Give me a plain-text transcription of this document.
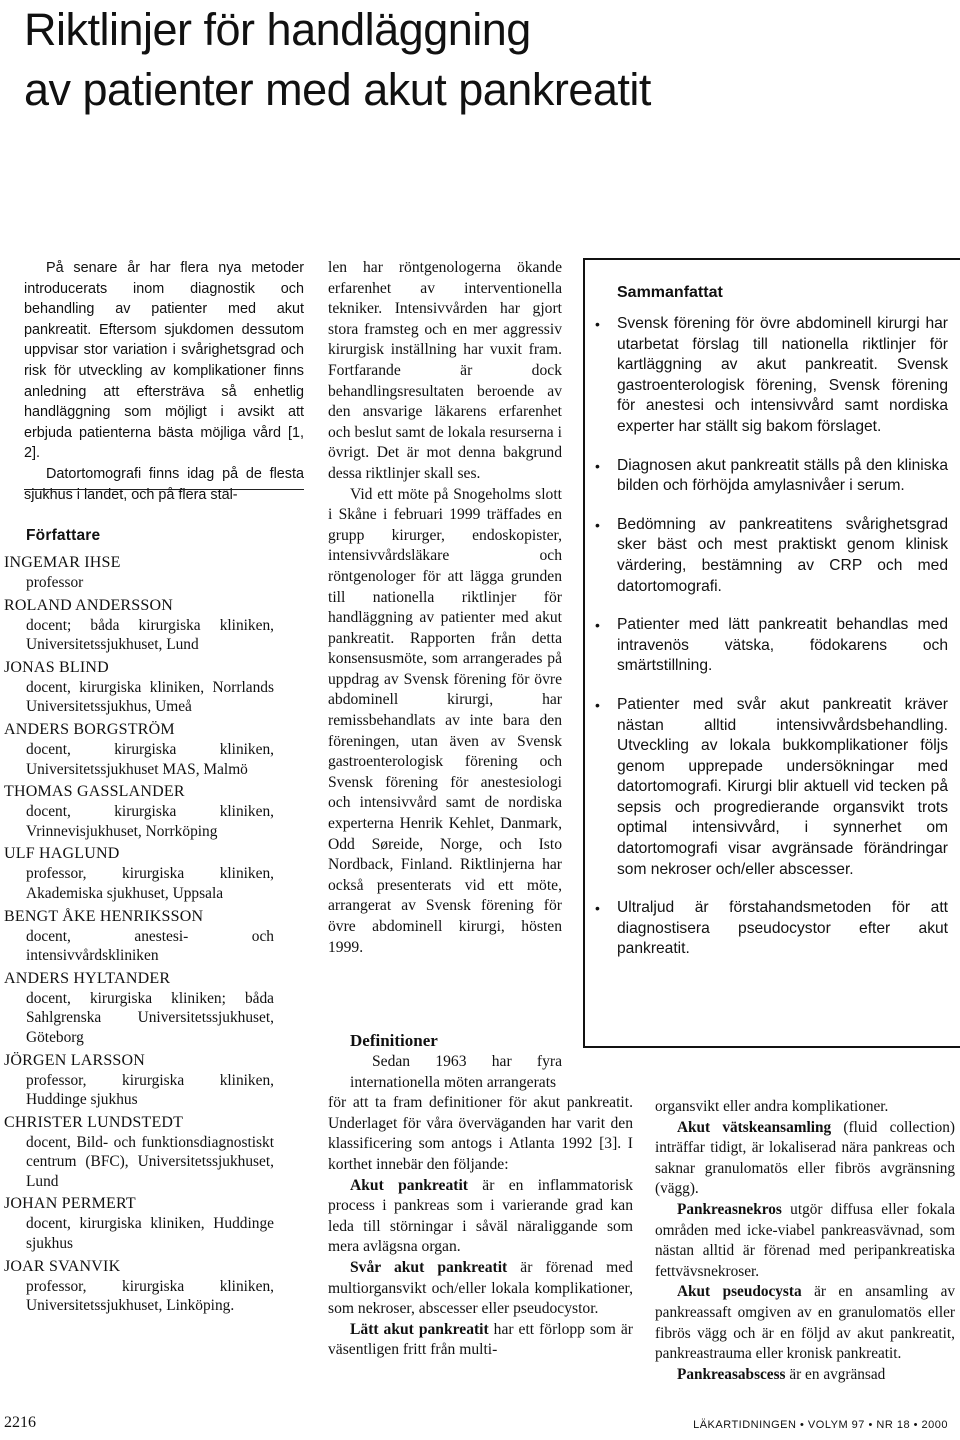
Riktlinjer för handläggning
av patienter med akut pankreatit

På senare år har flera nya metoder introducerats inom diagnostik och behandling av patienter med akut pankreatit. Eftersom sjukdomen dessutom uppvisar stor variation i svårighetsgrad och risk för utveckling av komplikationer finns anledning att eftersträva så enhetlig handläggning som möjligt i avsikt att erbjuda patienterna bästa möjliga vård [1, 2].

Datortomografi finns idag på de flesta sjukhus i landet, och på flera stäl-

Författare
INGEMAR IHSE
professor
ROLAND ANDERSSON
docent; båda kirurgiska kliniken, Universitetssjukhuset, Lund
JONAS BLIND
docent, kirurgiska kliniken, Norrlands Universitetssjukhus, Umeå
ANDERS BORGSTRÖM
docent, kirurgiska kliniken, Universitetssjukhuset MAS, Malmö
THOMAS GASSLANDER
docent, kirurgiska kliniken, Vrinnevisjukhuset, Norrköping
ULF HAGLUND
professor, kirurgiska kliniken, Akademiska sjukhuset, Uppsala
BENGT ÅKE HENRIKSSON
docent, anestesi- och intensivvårdskliniken
ANDERS HYLTANDER
docent, kirurgiska kliniken; båda Sahlgrenska Universitetssjukhuset, Göteborg
JÖRGEN LARSSON
professor, kirurgiska kliniken, Huddinge sjukhus
CHRISTER LUNDSTEDT
docent, Bild- och funktionsdiagnostiskt centrum (BFC), Universitetssjukhuset, Lund
JOHAN PERMERT
docent, kirurgiska kliniken, Huddinge sjukhus
JOAR SVANVIK
professor, kirurgiska kliniken, Universitetssjukhuset, Linköping.

len har röntgenologerna ökande erfarenhet av interventionella tekniker. Intensivvården har gjort stora framsteg och en mer aggressiv kirurgisk inställning har vuxit fram. Fortfarande är dock behandlingsresultaten beroende av den ansvarige läkarens erfarenhet och beslut samt de lokala resurserna i övrigt. Det är mot denna bakgrund dessa riktlinjer skall ses.

Vid ett möte på Snogeholms slott i Skåne i februari 1999 träffades en grupp kirurger, endoskopister, intensivvårdsläkare och röntgenologer för att lägga grunden till nationella riktlinjer för handläggning av patienter med akut pankreatit. Rapporten från detta konsensusmöte, som arrangerades på uppdrag av Svensk förening för övre abdominell kirurgi, har remissbehandlats av inte bara den föreningen, utan även av Svensk gastroenterologisk förening och Svensk förening för anestesiologi och intensivvård samt de nordiska experterna Henrik Kehlet, Danmark, Odd Søreide, Norge, och Isto Nordback, Finland. Riktlinjerna har också presenterats vid ett möte, arrangerat av Svensk förening för övre abdominell kirurgi, hösten 1999.

Definitioner

Sedan 1963 har fyra internationella möten arrangerats

för att ta fram definitioner för akut pankreatit. Underlaget för våra överväganden har varit den klassificering som antogs i Atlanta 1992 [3]. I korthet innebär den följande:

Akut pankreatit är en inflammatorisk process i pankreas som i varierande grad kan leda till störningar i såväl näraliggande som mera avlägsna organ.

Svår akut pankreatit är förenad med multiorgansvikt och/eller lokala komplikationer, som nekroser, abscesser eller pseudocystor.

Lätt akut pankreatit har ett förlopp som är väsentligen fritt från multi-

Sammanfattat
• Svensk förening för övre abdominell kirurgi har utarbetat förslag till nationella riktlinjer för kartläggning av akut pankreatit. Svensk gastroenterologisk förening, Svensk förening för anestesi och intensivvård samt nordiska experter har ställt sig bakom förslaget.
• Diagnosen akut pankreatit ställs på den kliniska bilden och förhöjda amylasnivåer i serum.
• Bedömning av pankreatitens svårighetsgrad sker bäst och mest praktiskt genom klinisk värdering, bestämning av CRP och med datortomografi.
• Patienter med lätt pankreatit behandlas med intravenös vätska, födokarens och smärtstillning.
• Patienter med svår akut pankreatit kräver nästan alltid intensivvårdsbehandling. Utveckling av lokala bukkomplikationer följs genom upprepade undersökningar med datortomografi. Kirurgi blir aktuell vid tecken på sepsis och progredierande organsvikt trots optimal intensivvård, i synnerhet om datortomografi visar avgränsade förändringar som nekroser och/eller abscesser.
• Ultraljud är förstahandsmetoden för att diagnostisera pseudocystor efter akut pankreatit.

organsvikt eller andra komplikationer.

Akut vätskeansamling (fluid collection) inträffar tidigt, är lokaliserad nära pankreas och saknar granulomatös eller fibrös avgränsning (vägg).

Pankreasnekros utgör diffusa eller fokala områden med icke-viabel pankreasvävnad, som nästan alltid är förenad med peripankreatiska fettvävsnekroser.

Akut pseudocysta är en ansamling av pankreassaft omgiven av en granulomatös eller fibrös vägg och är en följd av akut pankreatit, pankreastrauma eller kronisk pankreatit.

Pankreasabscess är en avgränsad

2216	LÄKARTIDNINGEN • VOLYM 97 • NR 18 • 2000
